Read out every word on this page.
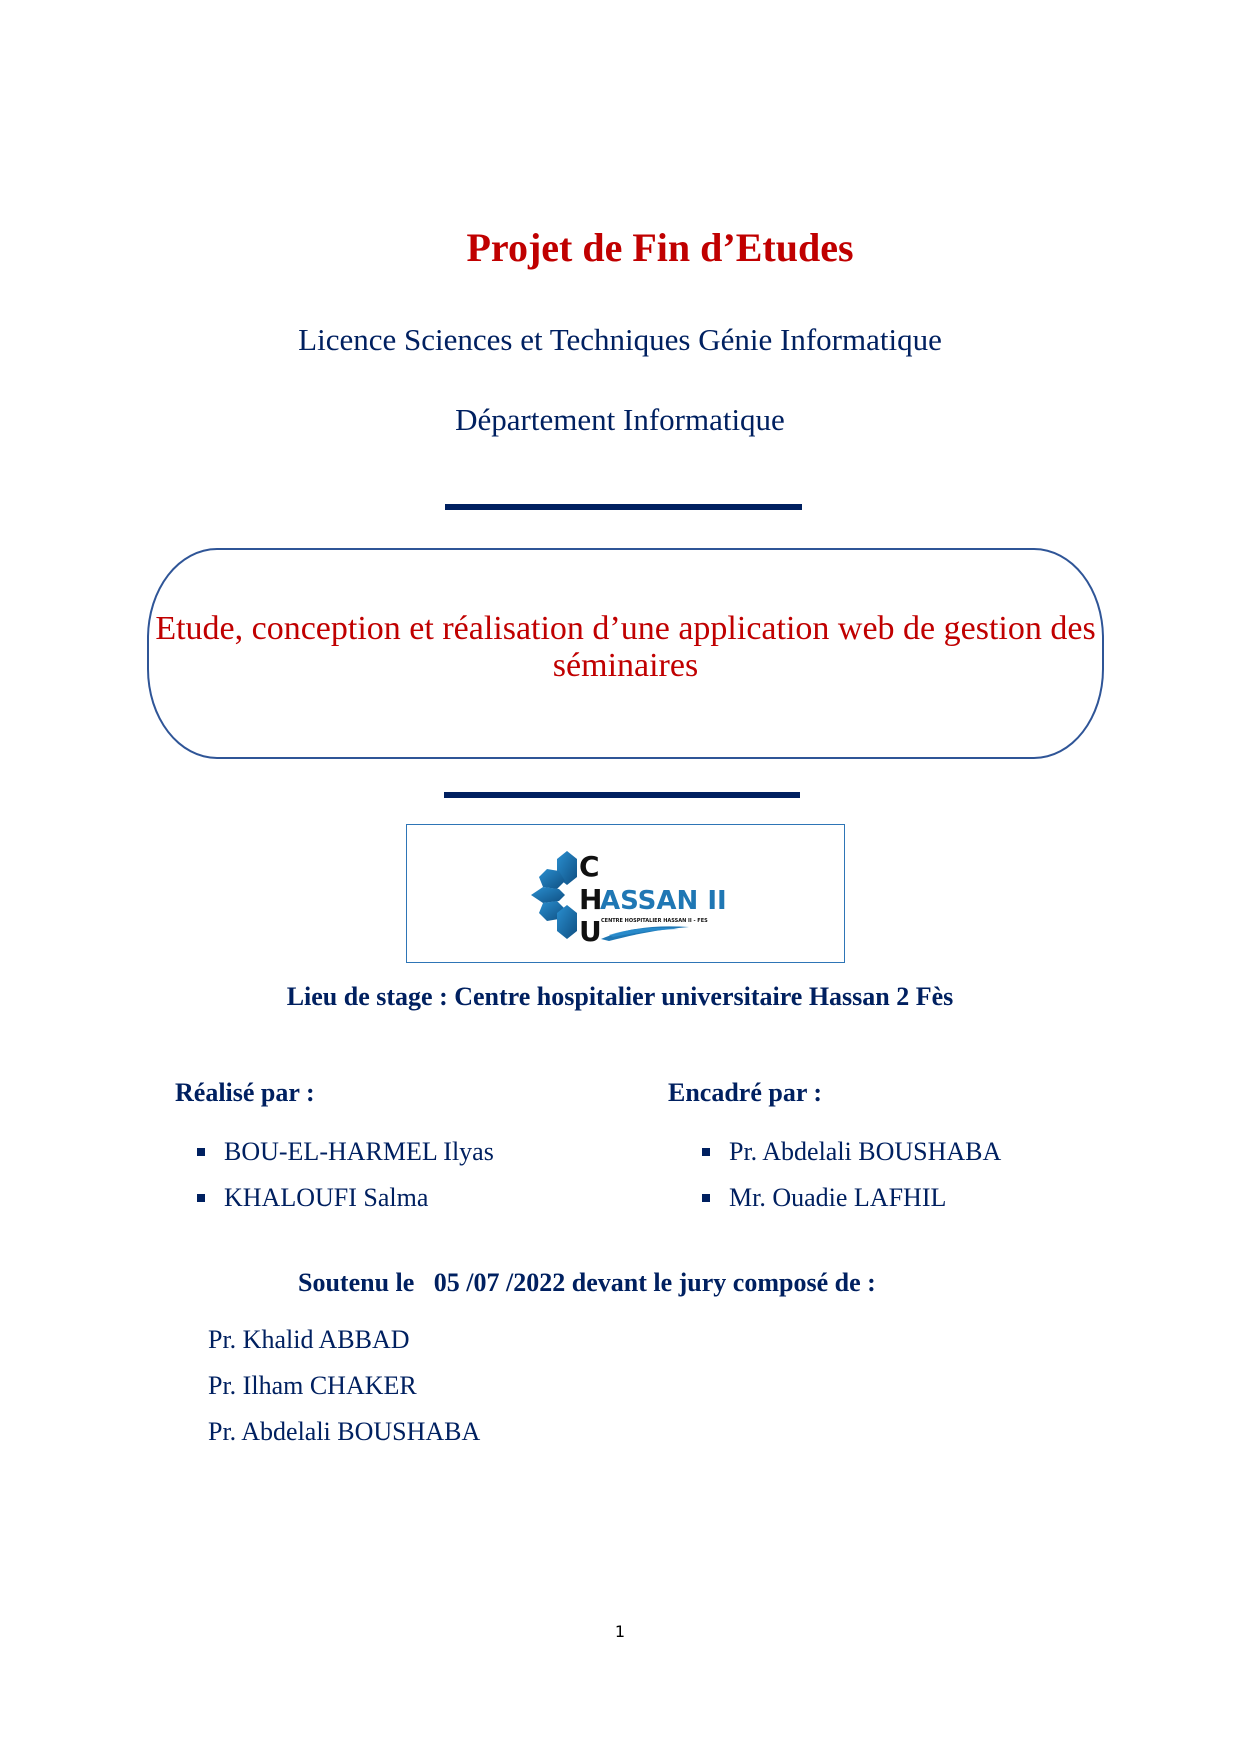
Projet de Fin d’Etudes
Licence Sciences et Techniques Génie Informatique
Département Informatique
Etude, conception et réalisation d’une application web de gestion des séminaires
C
H
U
ASSAN II
CENTRE HOSPITALIER HASSAN II - FES
Lieu de stage : Centre hospitalier universitaire Hassan 2 Fès
Réalisé par :	Encadré par :
BOU-EL-HARMEL Ilyas
KHALOUFI Salma
Pr. Abdelali BOUSHABA
Mr. Ouadie LAFHIL
Soutenu le   05 /07 /2022 devant le jury composé de :
Pr. Khalid ABBAD
Pr. Ilham CHAKER
Pr. Abdelali BOUSHABA
1
